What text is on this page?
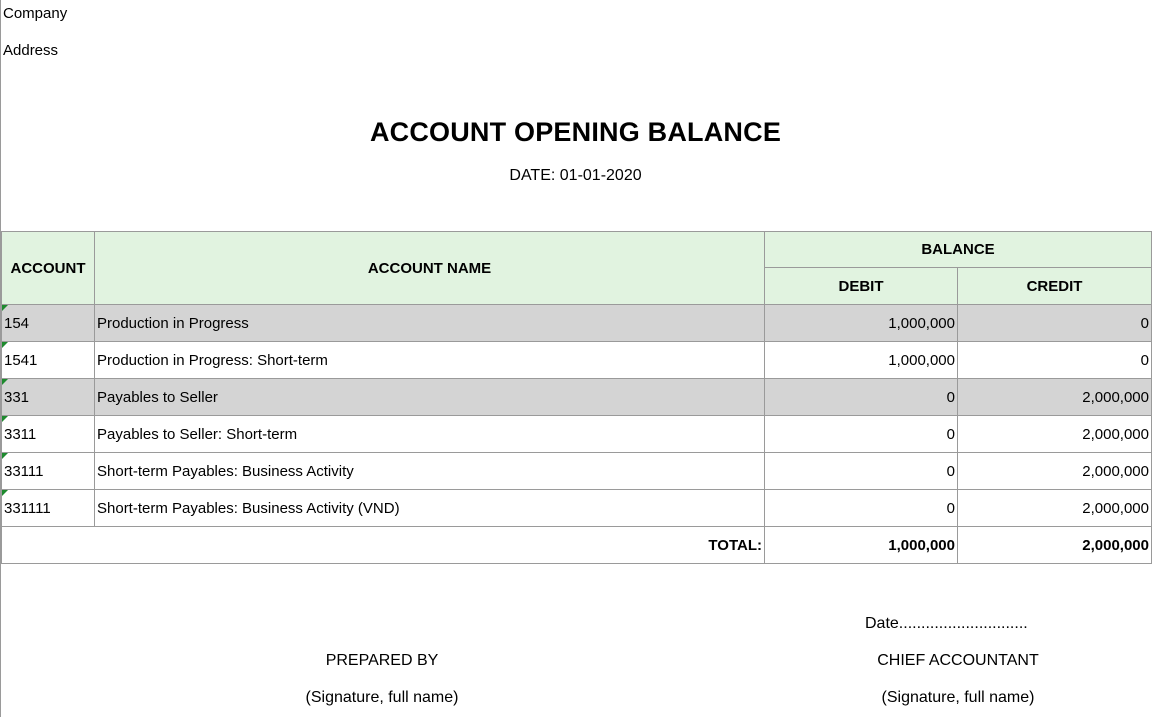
Company
Address
ACCOUNT OPENING BALANCE
DATE: 01-01-2020
ACCOUNT	ACCOUNT NAME	BALANCE	
		DEBIT	CREDIT

154	Production in Progress	1,000,000	0

1541	Production in Progress: Short-term	1,000,000	0

331	Payables to Seller	0	2,000,000

3311	Payables to Seller: Short-term	0	2,000,000

33111	Short-term Payables: Business Activity	0	2,000,000

331111	Short-term Payables: Business Activity (VND)	0	2,000,000
TOTAL:		1,000,000	2,000,000
Date.............................
PREPARED BY
(Signature, full name)
CHIEF ACCOUNTANT
(Signature, full name)
